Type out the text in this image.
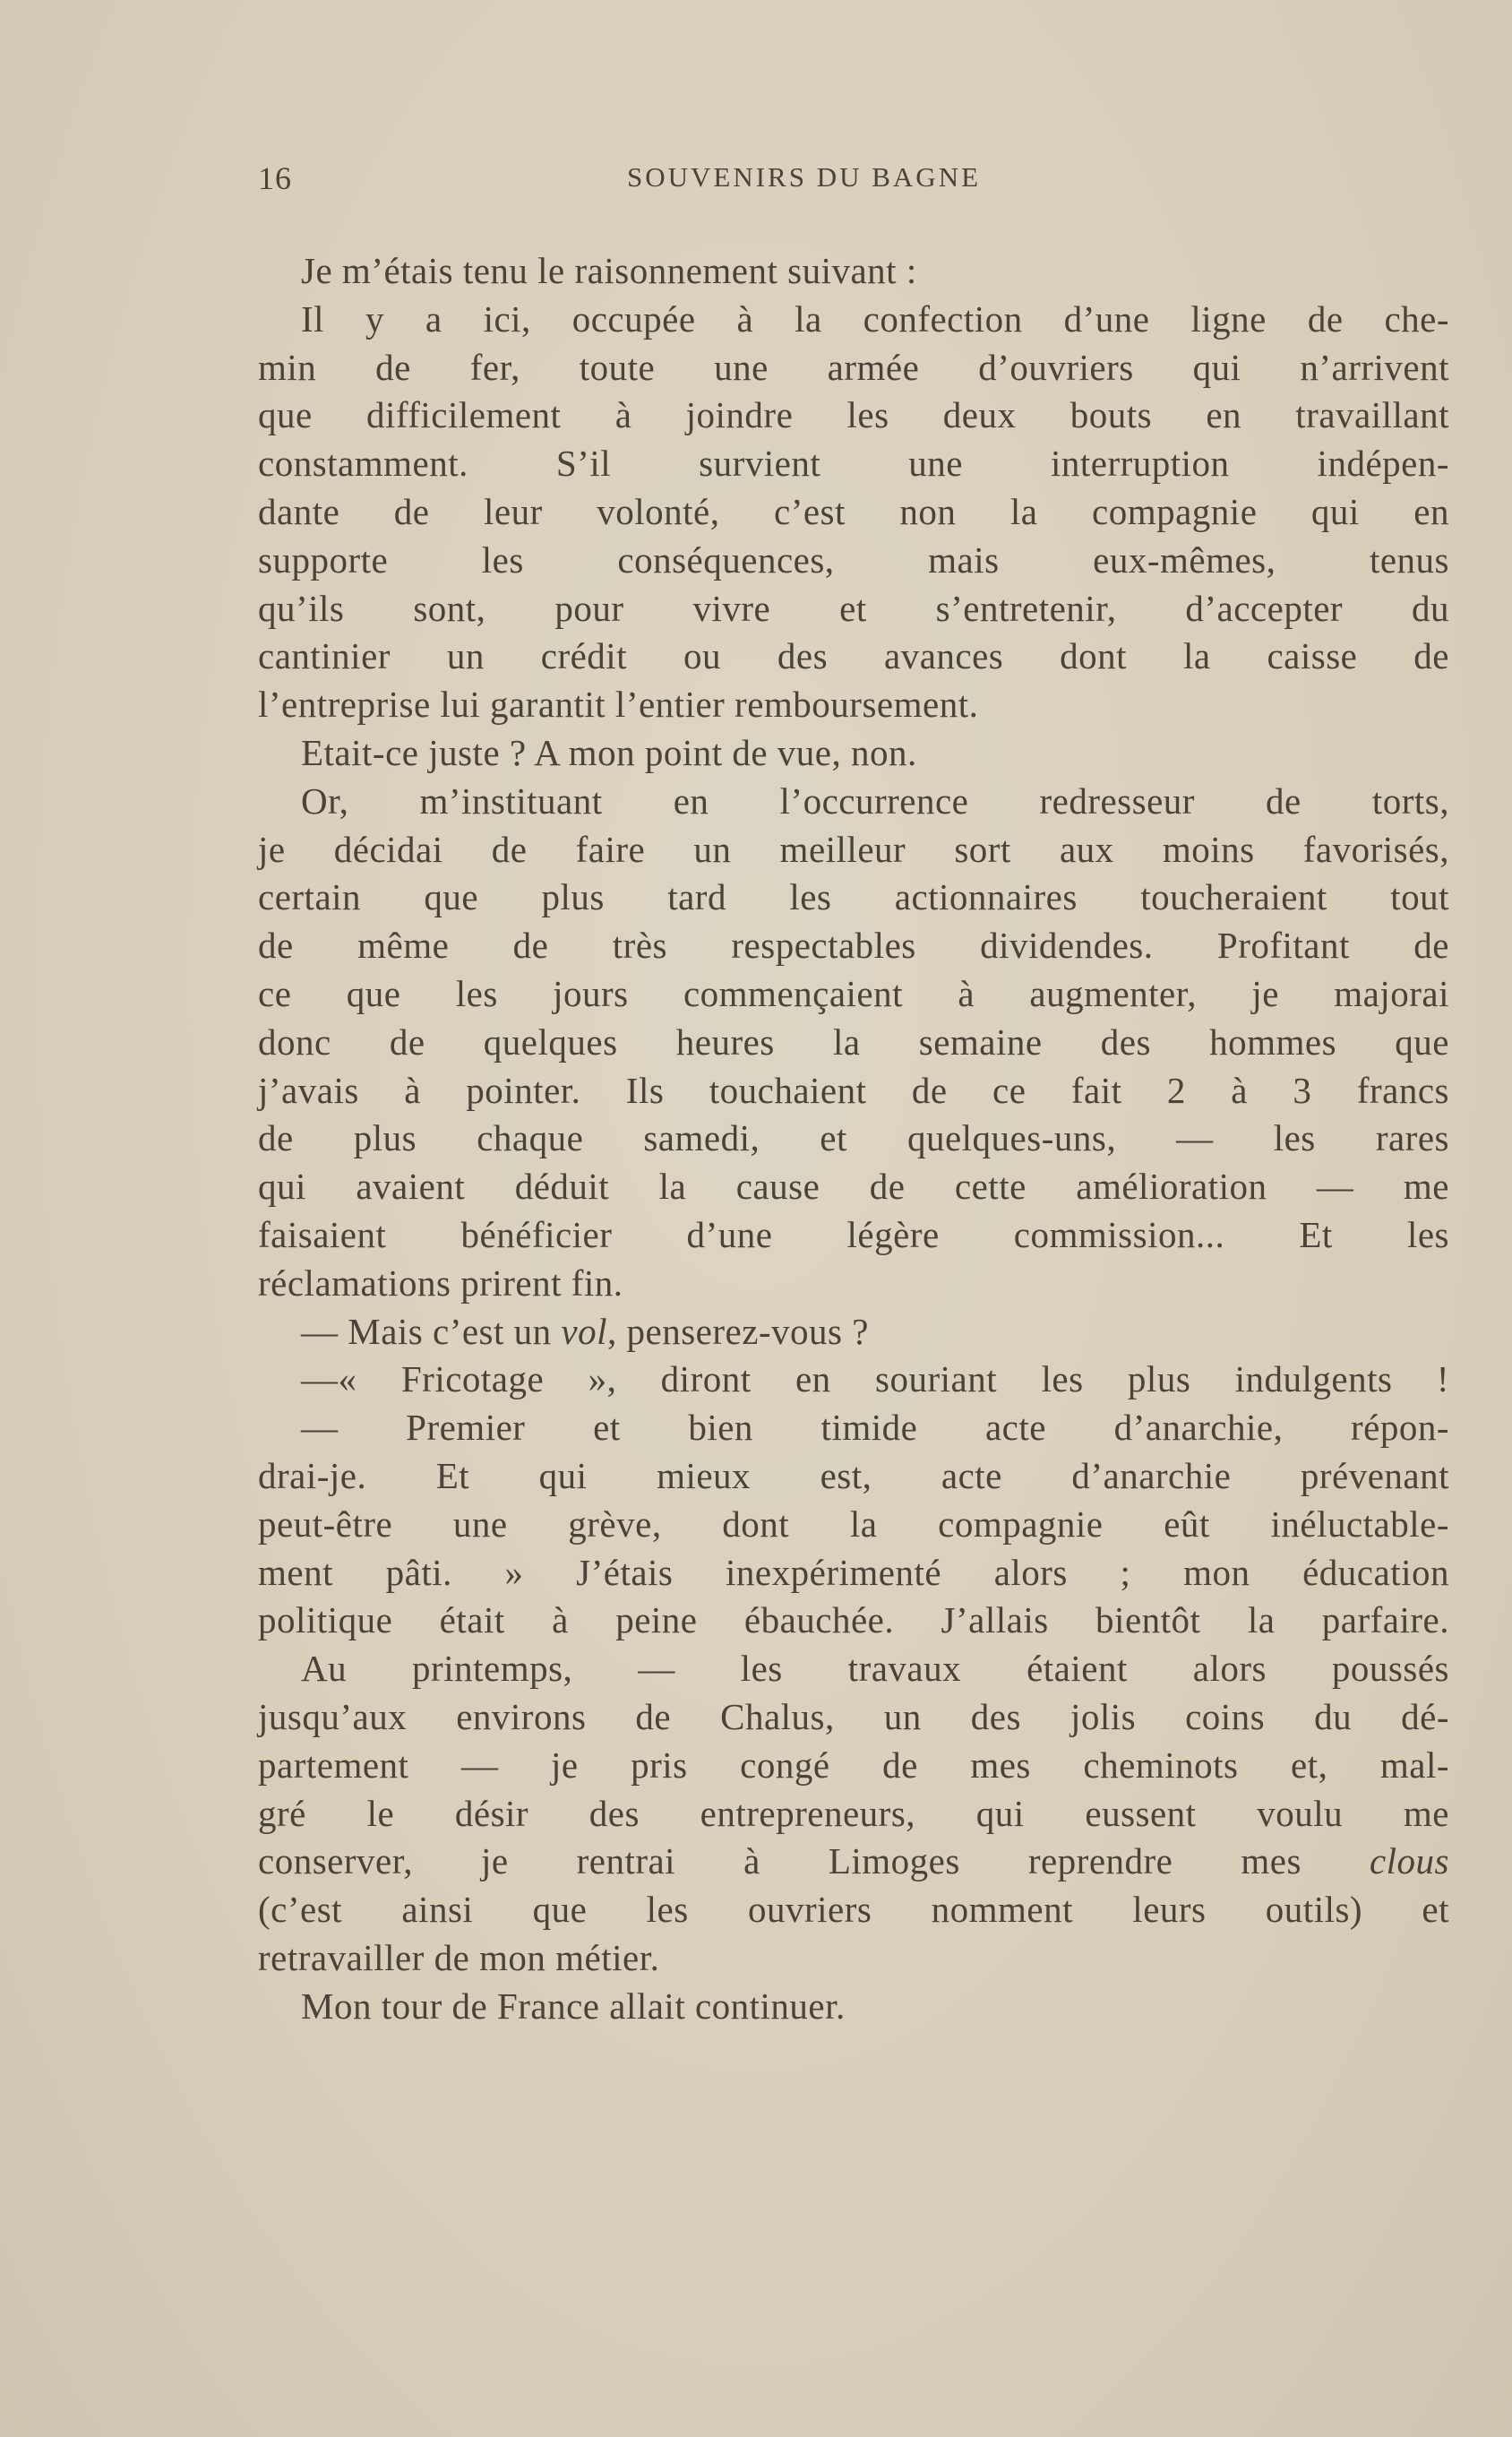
16	SOUVENIRS DU BAGNE
Je m’étais tenu le raisonnement suivant :
Il y a ici, occupée à la confection d’une ligne de che-
min de fer, toute une armée d’ouvriers qui n’arrivent
que difficilement à joindre les deux bouts en travaillant
constamment. S’il survient une interruption indépen-
dante de leur volonté, c’est non la compagnie qui en
supporte les conséquences, mais eux-mêmes, tenus
qu’ils sont, pour vivre et s’entretenir, d’accepter du
cantinier un crédit ou des avances dont la caisse de
l’entreprise lui garantit l’entier remboursement.
Etait-ce juste ? A mon point de vue, non.
Or, m’instituant en l’occurrence redresseur de torts,
je décidai de faire un meilleur sort aux moins favorisés,
certain que plus tard les actionnaires toucheraient tout
de même de très respectables dividendes. Profitant de
ce que les jours commençaient à augmenter, je majorai
donc de quelques heures la semaine des hommes que
j’avais à pointer. Ils touchaient de ce fait 2 à 3 francs
de plus chaque samedi, et quelques-uns, — les rares
qui avaient déduit la cause de cette amélioration — me
faisaient bénéficier d’une légère commission... Et les
réclamations prirent fin.
— Mais c’est un vol, penserez-vous ?
—« Fricotage », diront en souriant les plus indulgents !
— Premier et bien timide acte d’anarchie, répon-
drai-je. Et qui mieux est, acte d’anarchie prévenant
peut-être une grève, dont la compagnie eût inéluctable-
ment pâti. » J’étais inexpérimenté alors ; mon éducation
politique était à peine ébauchée. J’allais bientôt la parfaire.
Au printemps, — les travaux étaient alors poussés
jusqu’aux environs de Chalus, un des jolis coins du dé-
partement — je pris congé de mes cheminots et, mal-
gré le désir des entrepreneurs, qui eussent voulu me
conserver, je rentrai à Limoges reprendre mes clous
(c’est ainsi que les ouvriers nomment leurs outils) et
retravailler de mon métier.
Mon tour de France allait continuer.
